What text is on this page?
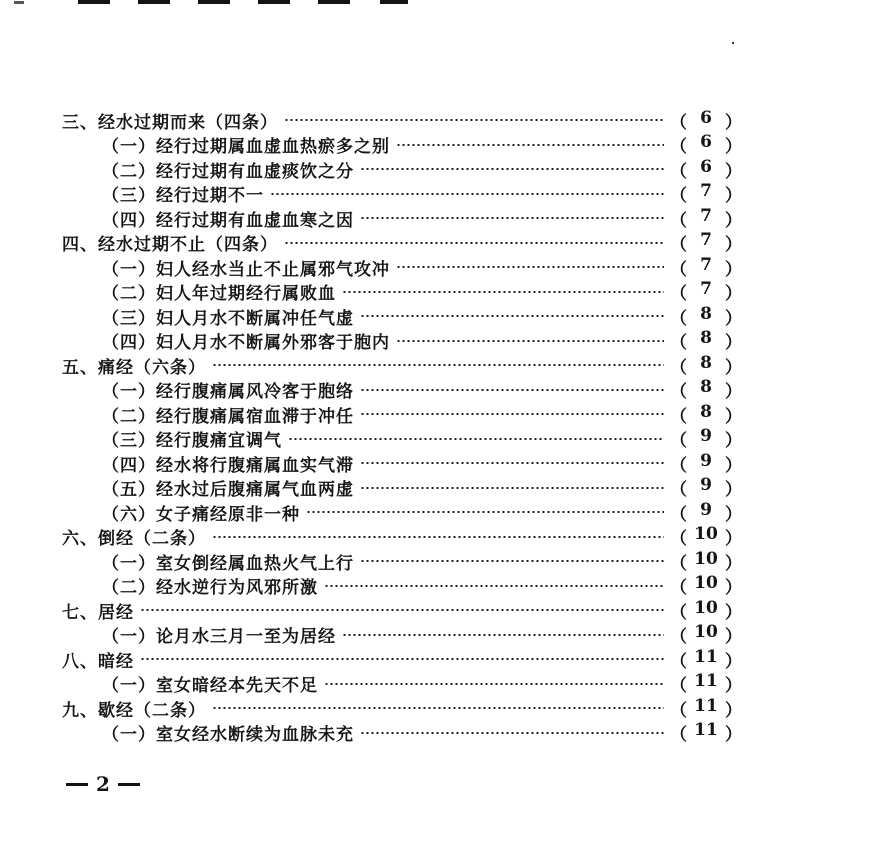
三、经水过期而来（四条）	（ 6 ）
（一）经行过期属血虚血热瘀多之别	（ 6 ）
（二）经行过期有血虚痰饮之分	（ 6 ）
（三）经行过期不一	（ 7 ）
（四）经行过期有血虚血寒之因	（ 7 ）
四、经水过期不止（四条）	（ 7 ）
（一）妇人经水当止不止属邪气攻冲	（ 7 ）
（二）妇人年过期经行属败血	（ 7 ）
（三）妇人月水不断属冲任气虚	（ 8 ）
（四）妇人月水不断属外邪客于胞内	（ 8 ）
五、痛经（六条）	（ 8 ）
（一）经行腹痛属风冷客于胞络	（ 8 ）
（二）经行腹痛属宿血滞于冲任	（ 8 ）
（三）经行腹痛宜调气	（ 9 ）
（四）经水将行腹痛属血实气滞	（ 9 ）
（五）经水过后腹痛属气血两虚	（ 9 ）
（六）女子痛经原非一种	（ 9 ）
六、倒经（二条）	（ 10 ）
（一）室女倒经属血热火气上行	（ 10 ）
（二）经水逆行为风邪所激	（ 10 ）
七、居经	（ 10 ）
（一）论月水三月一至为居经	（ 10 ）
八、暗经	（ 11 ）
（一）室女暗经本先天不足	（ 11 ）
九、歇经（二条）	（ 11 ）
（一）室女经水断续为血脉未充	（ 11 ）
2
